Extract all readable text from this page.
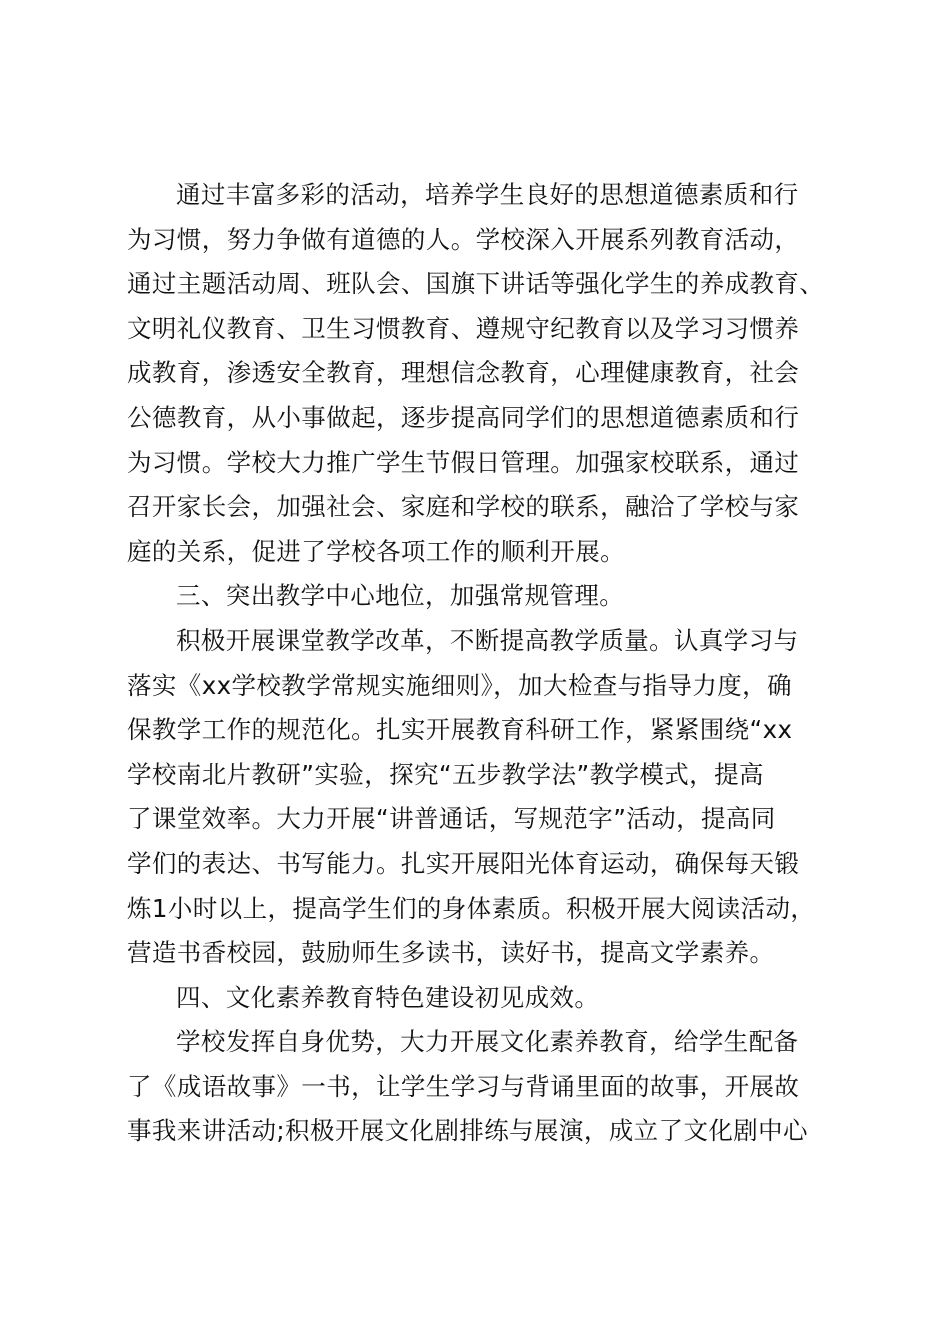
通过丰富多彩的活动，培养学生良好的思想道德素质和行
为习惯，努力争做有道德的人。学校深入开展系列教育活动，
通过主题活动周、班队会、国旗下讲话等强化学生的养成教育、
文明礼仪教育、卫生习惯教育、遵规守纪教育以及学习习惯养
成教育，渗透安全教育，理想信念教育，心理健康教育，社会
公德教育，从小事做起，逐步提高同学们的思想道德素质和行
为习惯。学校大力推广学生节假日管理。加强家校联系，通过
召开家长会，加强社会、家庭和学校的联系，融洽了学校与家
庭的关系，促进了学校各项工作的顺利开展。
三、突出教学中心地位，加强常规管理。
积极开展课堂教学改革，不断提高教学质量。认真学习与
落实《xx学校教学常规实施细则》，加大检查与指导力度，确
保教学工作的规范化。扎实开展教育科研工作，紧紧围绕“xx
学校南北片教研”实验，探究“五步教学法”教学模式，提高
了课堂效率。大力开展“讲普通话，写规范字”活动，提高同
学们的表达、书写能力。扎实开展阳光体育运动，确保每天锻
炼1小时以上，提高学生们的身体素质。积极开展大阅读活动，
营造书香校园，鼓励师生多读书，读好书，提高文学素养。
四、文化素养教育特色建设初见成效。
学校发挥自身优势，大力开展文化素养教育，给学生配备
了《成语故事》一书，让学生学习与背诵里面的故事，开展故
事我来讲活动;积极开展文化剧排练与展演，成立了文化剧中心
